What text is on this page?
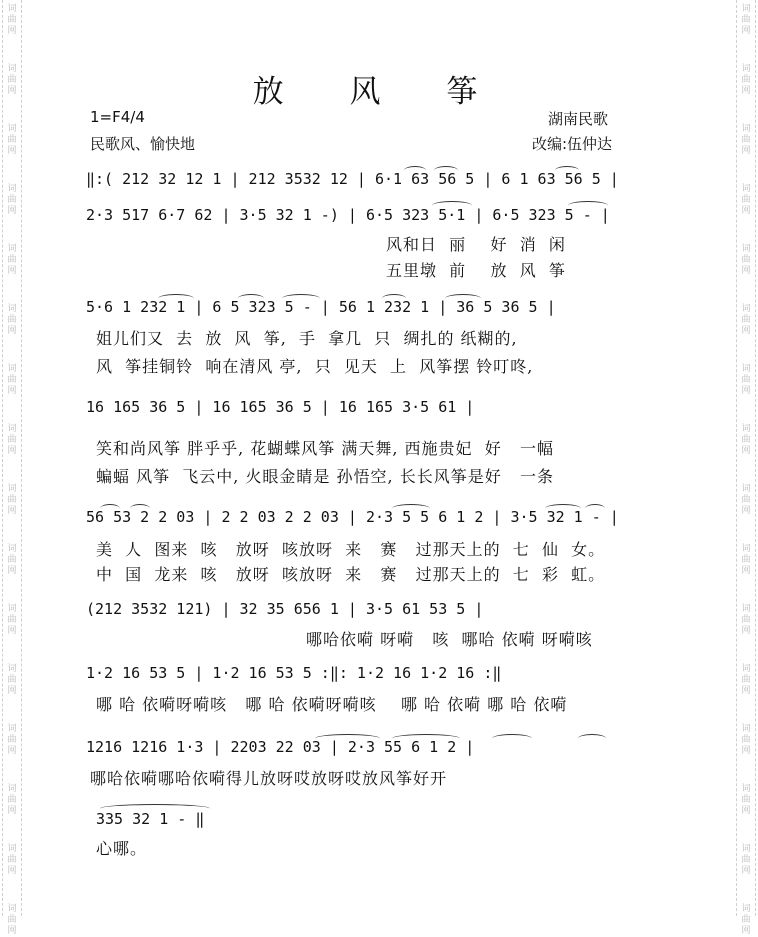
词
曲
网
词
曲
网
词
曲
网
词
曲
网
词
曲
网
词
曲
网
词
曲
网
词
曲
网
词
曲
网
词
曲
网
词
曲
网
词
曲
网
词
曲
网
词
曲
网
词
曲
网
词
曲
网
词
曲
网
词
曲
网
词
曲
网
词
曲
网
词
曲
网
词
曲
网
词
曲
网
词
曲
网
词
曲
网
词
曲
网
词
曲
网
词
曲
网
词
曲
网
词
曲
网
词
曲
网
词
曲
网
放 风 筝
1=F4/4
民歌风、愉快地
湖南民歌
改编:伍仲达
‖:( 212 32 12 1 | 212 3532 12 | 6·1 63 56 5 | 6 1 63 56 5 |
2·3 517 6·7 62 | 3·5 32 1 -) | 6·5 323 5·1 | 6·5 323 5 - |
风和日  丽    好  消  闲
五里墩  前    放  风  筝
5·6 1 232 1 | 6 5 323 5 - | 56 1 232 1 | 36 5 36 5 |
姐儿们又  去  放  风  筝,  手  拿几  只  绸扎的 纸糊的,
风  筝挂铜铃  响在清风 亭,  只  见天  上  风筝摆 铃叮咚,
16 165 36 5 | 16 165 36 5 | 16 165 3·5 61 |
笑和尚风筝 胖乎乎, 花蝴蝶风筝 满天舞, 西施贵妃  好   一幅
蝙蝠 风筝  飞云中, 火眼金睛是 孙悟空, 长长风筝是好   一条
56 53 2 2 03 | 2 2 03 2 2 03 | 2·3 5 5 6 1 2 | 3·5 32 1 - |
美  人  图来  咳   放呀  咳放呀  来   赛   过那天上的  七  仙  女。
中  国  龙来  咳   放呀  咳放呀  来   赛   过那天上的  七  彩  虹。
(212 3532 121) | 32 35 656 1 | 3·5 61 53 5 |
哪哈依嗬 呀嗬   咳  哪哈 依嗬 呀嗬咳
1·2 16 53 5 | 1·2 16 53 5 :‖: 1·2 16 1·2 16 :‖
哪 哈 依嗬呀嗬咳   哪 哈 依嗬呀嗬咳    哪 哈 依嗬 哪 哈 依嗬
1216 1216 1·3 | 2203 22 03 | 2·3 55 6 1 2 |
哪哈依嗬哪哈依嗬得儿放呀哎放呀哎放风筝好开
335 32 1 - ‖
心哪。
